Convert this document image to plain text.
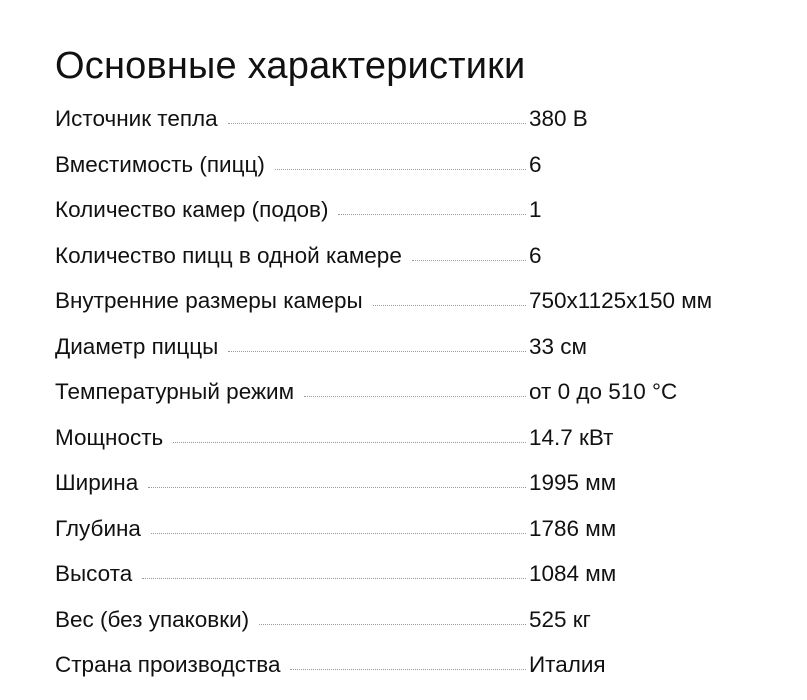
Основные характеристики
Источник тепла	380 В
Вместимость (пицц)	6
Количество камер (подов)	1
Количество пицц в одной камере	6
Внутренние размеры камеры	750x1125x150 мм
Диаметр пиццы	33 см
Температурный режим	от 0 до 510 °С
Мощность	14.7 кВт
Ширина	1995 мм
Глубина	1786 мм
Высота	1084 мм
Вес (без упаковки)	525 кг
Страна производства	Италия
